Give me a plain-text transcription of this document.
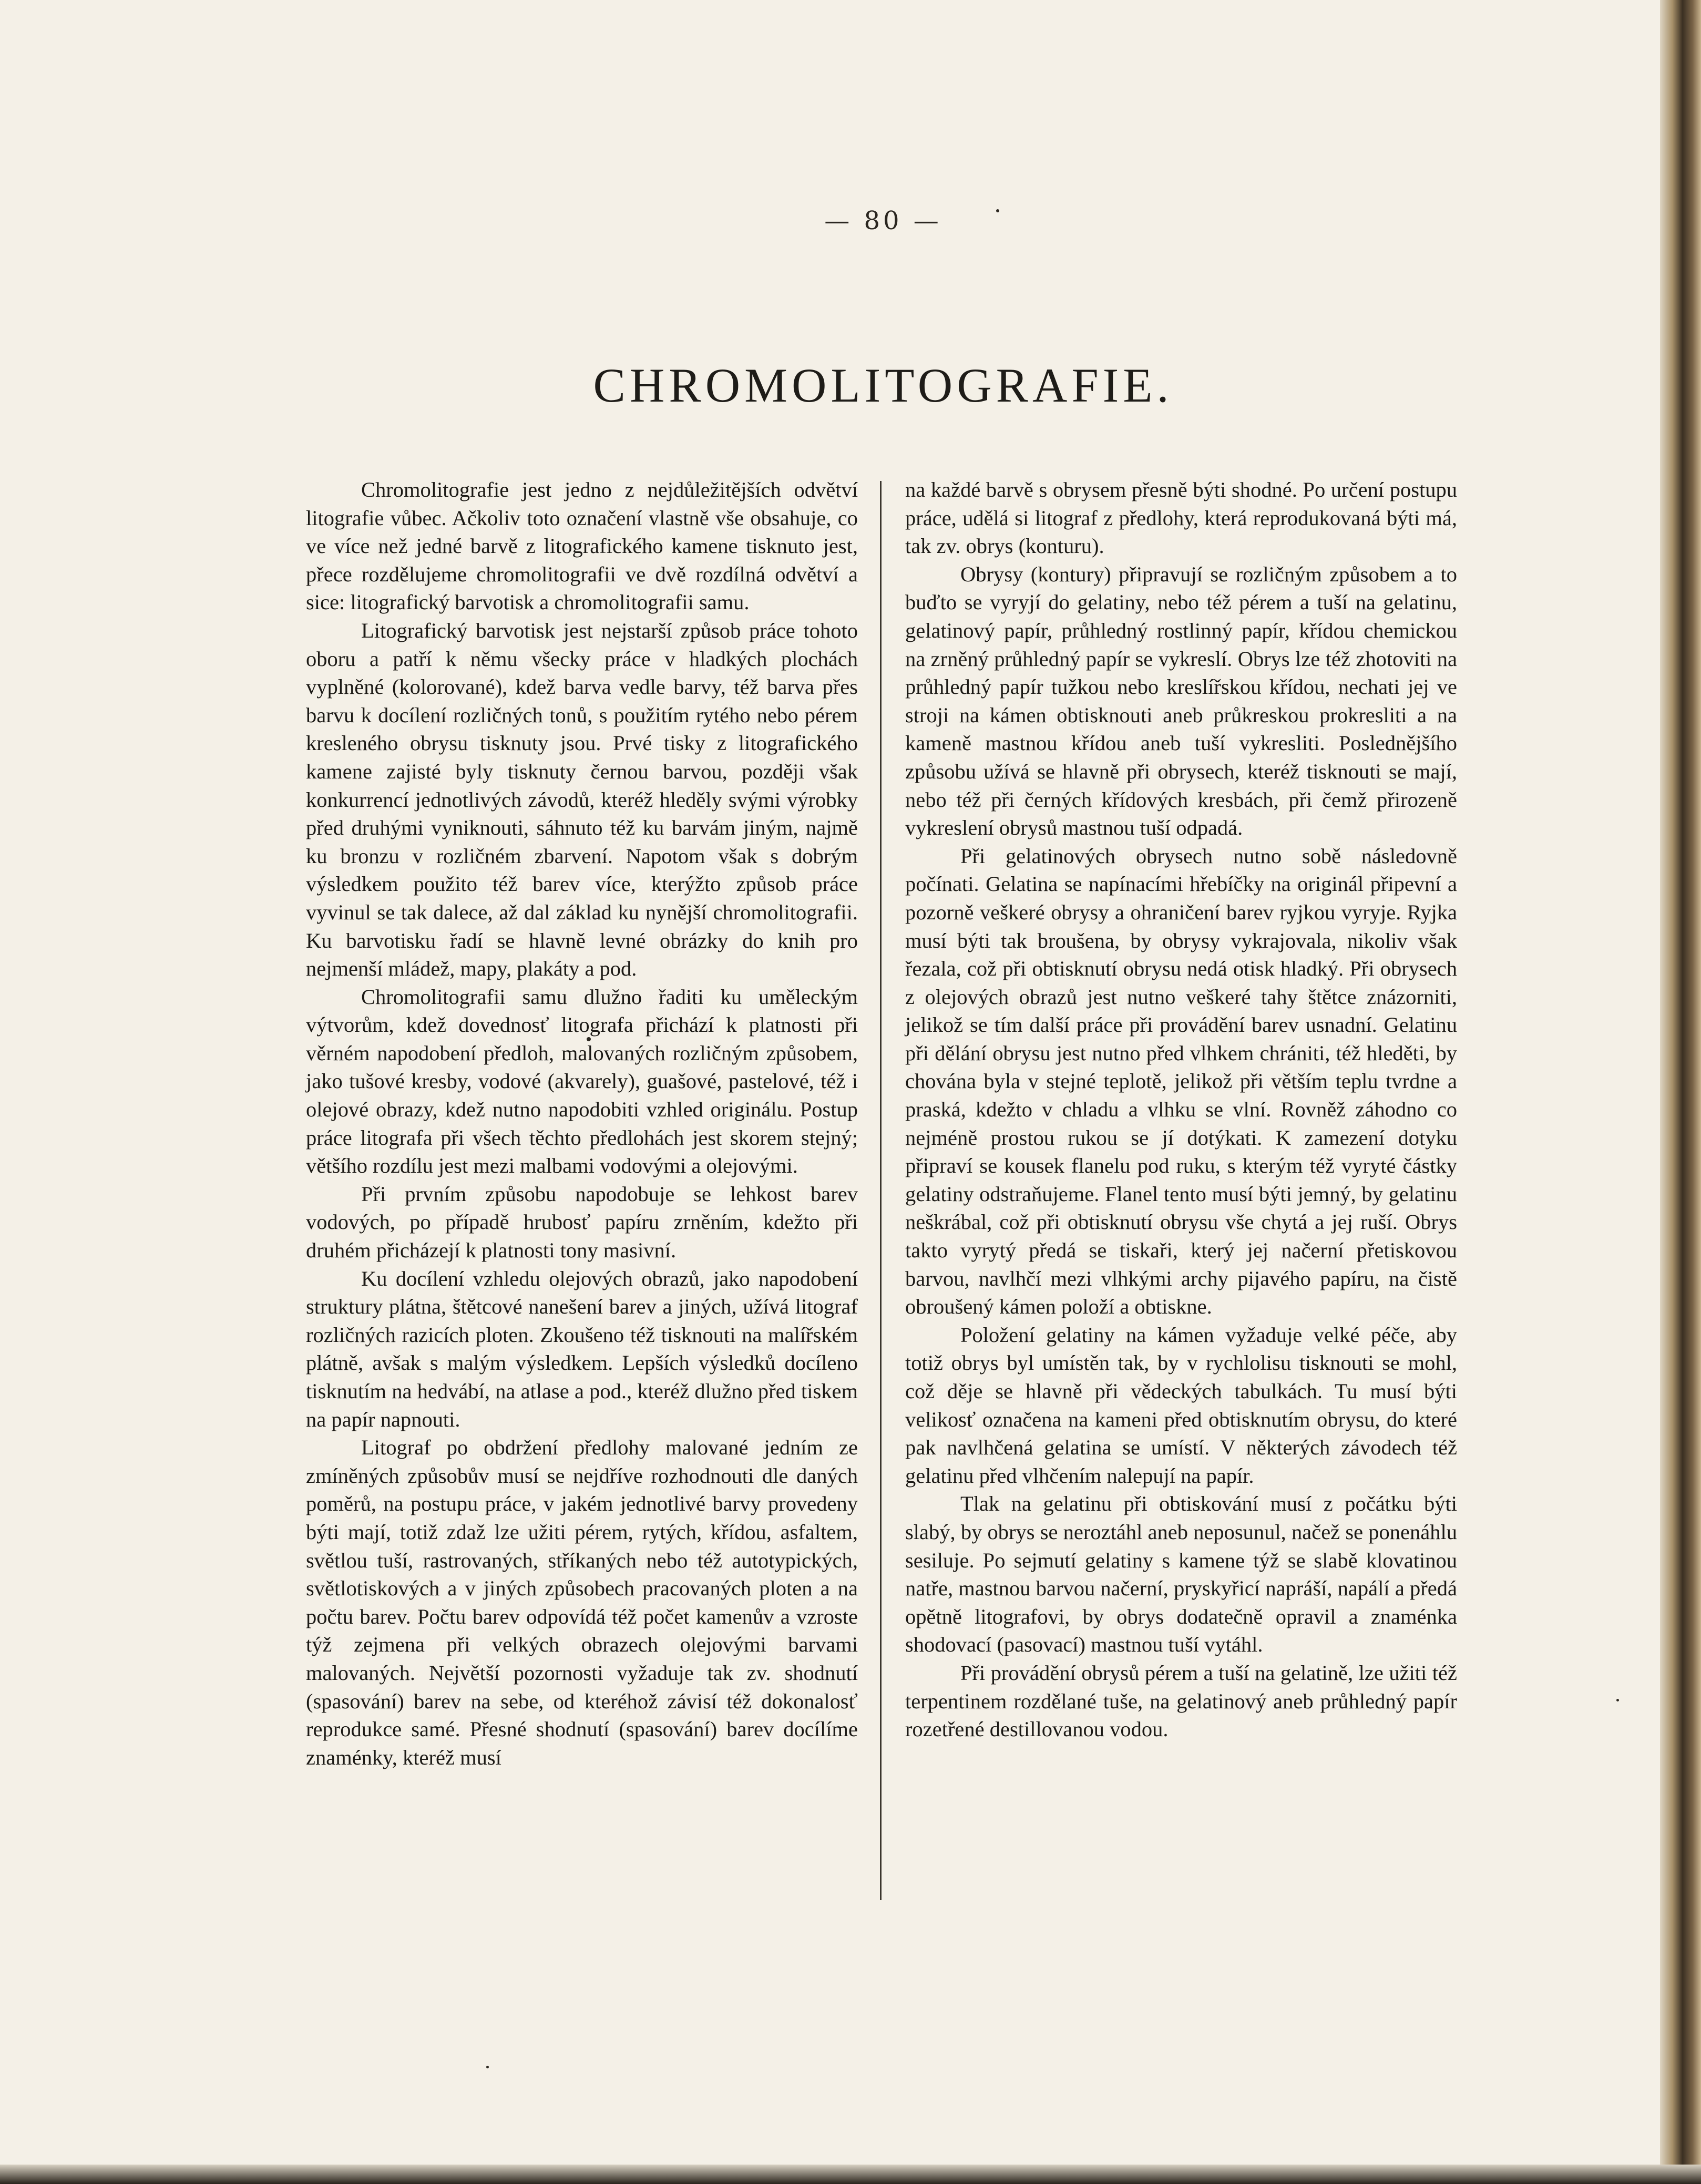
— 80 —
CHROMOLITOGRAFIE.

Chromolitografie jest jedno z nejdůležitějších odvětví litografie vůbec. Ačkoliv toto označení vlastně vše obsahuje, co ve více než jedné barvě z litografického kamene tisknuto jest, přece rozdělujeme chromolitografii ve dvě rozdílná odvětví a sice: litografický barvotisk a chromolitografii samu.

Litografický barvotisk jest nejstarší způsob práce tohoto oboru a patří k němu všecky práce v hladkých plochách vyplněné (kolorované), kdež barva vedle barvy, též barva přes barvu k docílení rozličných tonů, s použitím rytého nebo pérem kresleného obrysu tisknuty jsou. Prvé tisky z litografického kamene zajisté byly tisknuty černou barvou, později však konkurrencí jednotlivých závodů, kteréž hleděly svými výrobky před druhými vyniknouti, sáhnuto též ku barvám jiným, najmě ku bronzu v rozličném zbarvení. Napotom však s dobrým výsledkem použito též barev více, kterýžto způsob práce vyvinul se tak dalece, až dal základ ku nynější chromolitografii. Ku barvotisku řadí se hlavně levné obrázky do knih pro nejmenší mládež, mapy, plakáty a pod.

Chromolitografii samu dlužno řaditi ku uměleckým výtvorům, kdež dovednosť litografa přichází k platnosti při věrném napodobení předloh, malovaných rozličným způsobem, jako tušové kresby, vodové (akvarely), guašové, pastelové, též i olejové obrazy, kdež nutno napodobiti vzhled originálu. Postup práce litografa při všech těchto předlohách jest skorem stejný; většího rozdílu jest mezi malbami vodovými a olejovými.

Při prvním způsobu napodobuje se lehkost barev vodových, po případě hrubosť papíru zrněním, kdežto při druhém přicházejí k platnosti tony masivní.

Ku docílení vzhledu olejových obrazů, jako napodobení struktury plátna, štětcové nanešení barev a jiných, užívá litograf rozličných razicích ploten. Zkoušeno též tisknouti na malířském plátně, avšak s malým výsledkem. Lepších výsledků docíleno tisknutím na hedvábí, na atlase a pod., kteréž dlužno před tiskem na papír napnouti.

Litograf po obdržení předlohy malované jedním ze zmíněných způsobův musí se nejdříve rozhodnouti dle daných poměrů, na postupu práce, v jakém jednotlivé barvy provedeny býti mají, totiž zdaž lze užiti pérem, rytých, křídou, asfaltem, světlou tuší, rastrovaných, stříkaných nebo též autotypických, světlotiskových a v jiných způsobech pracovaných ploten a na počtu barev. Počtu barev odpovídá též počet kamenův a vzroste týž zejmena při velkých obrazech olejovými barvami malovaných. Největší pozornosti vyžaduje tak zv. shodnutí (spasování) barev na sebe, od kteréhož závisí též dokonalosť reprodukce samé. Přesné shodnutí (spasování) barev docílíme znaménky, kteréž musí

na každé barvě s obrysem přesně býti shodné. Po určení postupu práce, udělá si litograf z předlohy, která reprodukovaná býti má, tak zv. obrys (konturu).

Obrysy (kontury) připravují se rozličným způsobem a to buďto se vyryjí do gelatiny, nebo též pérem a tuší na gelatinu, gelatinový papír, průhledný rostlinný papír, křídou chemickou na zrněný průhledný papír se vykreslí. Obrys lze též zhotoviti na průhledný papír tužkou nebo kreslířskou křídou, nechati jej ve stroji na kámen obtisknouti aneb průkreskou prokresliti a na kameně mastnou křídou aneb tuší vykresliti. Poslednějšího způsobu užívá se hlavně při obrysech, kteréž tisknouti se mají, nebo též při černých křídových kresbách, při čemž přirozeně vykreslení obrysů mastnou tuší odpadá.

Při gelatinových obrysech nutno sobě následovně počínati. Gelatina se napínacími hřebíčky na originál připevní a pozorně veškeré obrysy a ohraničení barev ryjkou vyryje. Ryjka musí býti tak broušena, by obrysy vykrajovala, nikoliv však řezala, což při obtisknutí obrysu nedá otisk hladký. Při obrysech z olejových obrazů jest nutno veškeré tahy štětce znázorniti, jelikož se tím další práce při provádění barev usnadní. Gelatinu při dělání obrysu jest nutno před vlhkem chrániti, též hleděti, by chována byla v stejné teplotě, jelikož při větším teplu tvrdne a praská, kdežto v chladu a vlhku se vlní. Rovněž záhodno co nejméně prostou rukou se jí dotýkati. K zamezení dotyku připraví se kousek flanelu pod ruku, s kterým též vyryté částky gelatiny odstraňujeme. Flanel tento musí býti jemný, by gelatinu neškrábal, což při obtisknutí obrysu vše chytá a jej ruší. Obrys takto vyrytý předá se tiskaři, který jej načerní přetiskovou barvou, navlhčí mezi vlhkými archy pijavého papíru, na čistě obroušený kámen položí a obtiskne.

Položení gelatiny na kámen vyžaduje velké péče, aby totiž obrys byl umístěn tak, by v rychlolisu tisknouti se mohl, což děje se hlavně při vědeckých tabulkách. Tu musí býti velikosť označena na kameni před obtisknutím obrysu, do které pak navlhčená gelatina se umístí. V některých závodech též gelatinu před vlhčením nalepují na papír.

Tlak na gelatinu při obtiskování musí z počátku býti slabý, by obrys se neroztáhl aneb neposunul, načež se ponenáhlu sesiluje. Po sejmutí gelatiny s kamene týž se slabě klovatinou natře, mastnou barvou načerní, pryskyřicí napráší, napálí a předá opětně litografovi, by obrys dodatečně opravil a znaménka shodovací (pasovací) mastnou tuší vytáhl.

Při provádění obrysů pérem a tuší na gelatině, lze užiti též terpentinem rozdělané tuše, na gelatinový aneb průhledný papír rozetřené destillovanou vodou.
